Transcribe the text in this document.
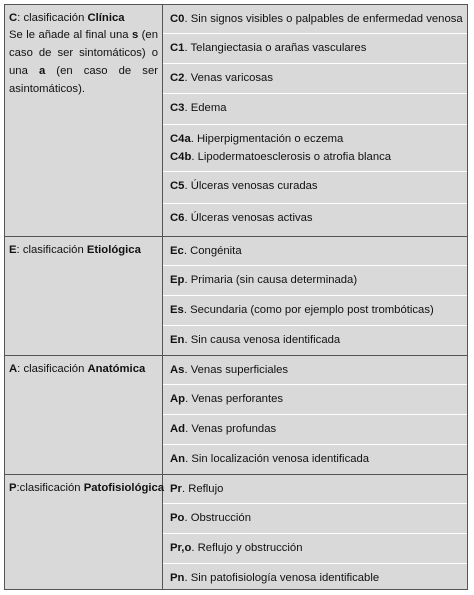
C: clasificación Clínica
Se le añade al final una s (en caso de ser sintomáticos) o una a (en caso de ser asintomáticos).
C0. Sin signos visibles o palpables de enfermedad venosa
C1. Telangiectasia o arañas vasculares
C2. Venas varicosas
C3. Edema
C4a. Hiperpigmentación o eczema
C4b. Lipodermatoesclerosis o atrofia blanca
C5. Úlceras venosas curadas
C6. Úlceras venosas activas
E: clasificación Etiológica	Ec. Congénita
Ep. Primaria (sin causa determinada)
Es. Secundaria (como por ejemplo post trombóticas)
En. Sin causa venosa identificada
A: clasificación Anatómica	As. Venas superficiales
Ap. Venas perforantes
Ad. Venas profundas
An. Sin localización venosa identificada
P:clasificación Patofisiológica Pr. Reflujo
Po. Obstrucción
Pr,o. Reflujo y obstrucción
Pn. Sin patofisiología venosa identificable
